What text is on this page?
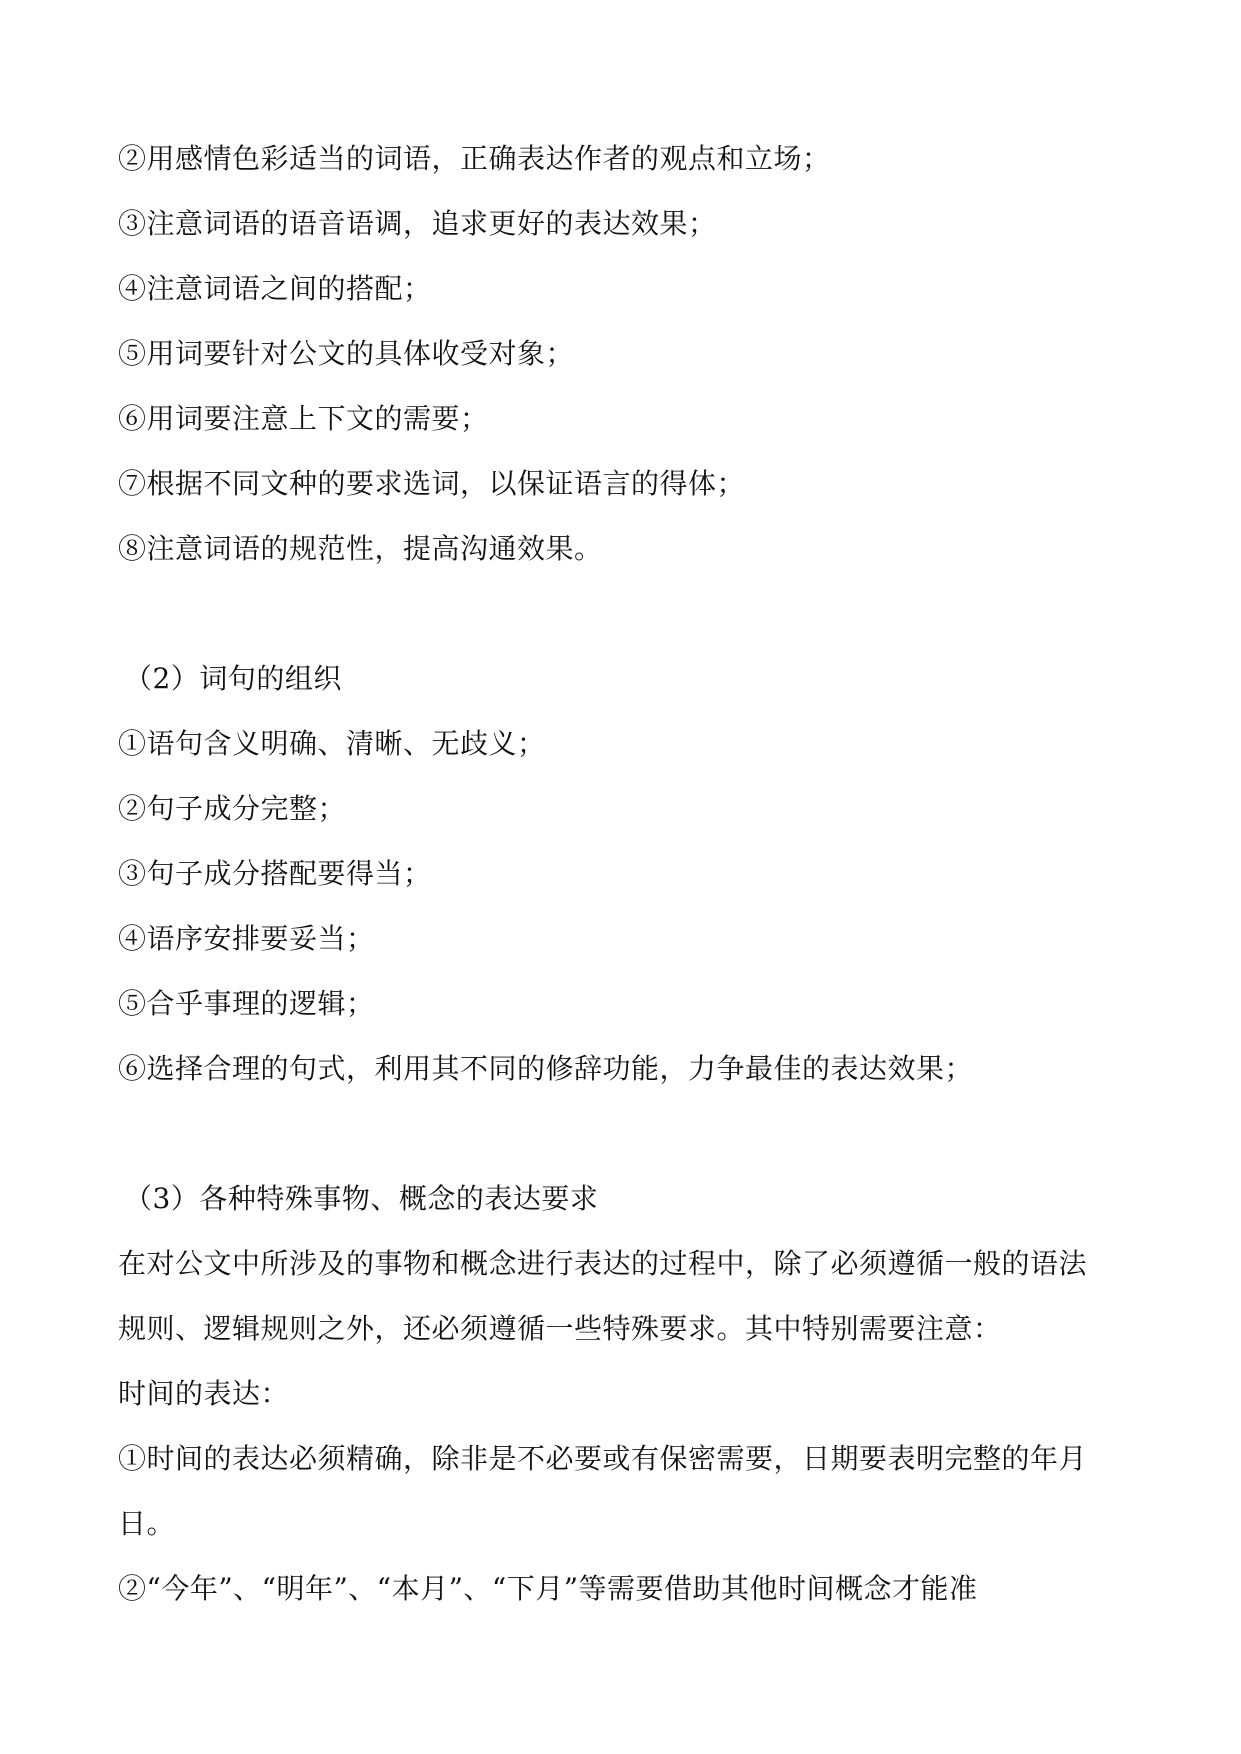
②用感情色彩适当的词语，正确表达作者的观点和立场；
③注意词语的语音语调，追求更好的表达效果；
④注意词语之间的搭配；
⑤用词要针对公文的具体收受对象；
⑥用词要注意上下文的需要；
⑦根据不同文种的要求选词，以保证语言的得体；
⑧注意词语的规范性，提高沟通效果。
（2）词句的组织
①语句含义明确、清晰、无歧义；
②句子成分完整；
③句子成分搭配要得当；
④语序安排要妥当；
⑤合乎事理的逻辑；
⑥选择合理的句式，利用其不同的修辞功能，力争最佳的表达效果；
（3）各种特殊事物、概念的表达要求
在对公文中所涉及的事物和概念进行表达的过程中，除了必须遵循一般的语法
规则、逻辑规则之外，还必须遵循一些特殊要求。其中特别需要注意：
时间的表达：
①时间的表达必须精确，除非是不必要或有保密需要，日期要表明完整的年月
日。
②“今年”、“明年”、“本月”、“下月”等需要借助其他时间概念才能准
